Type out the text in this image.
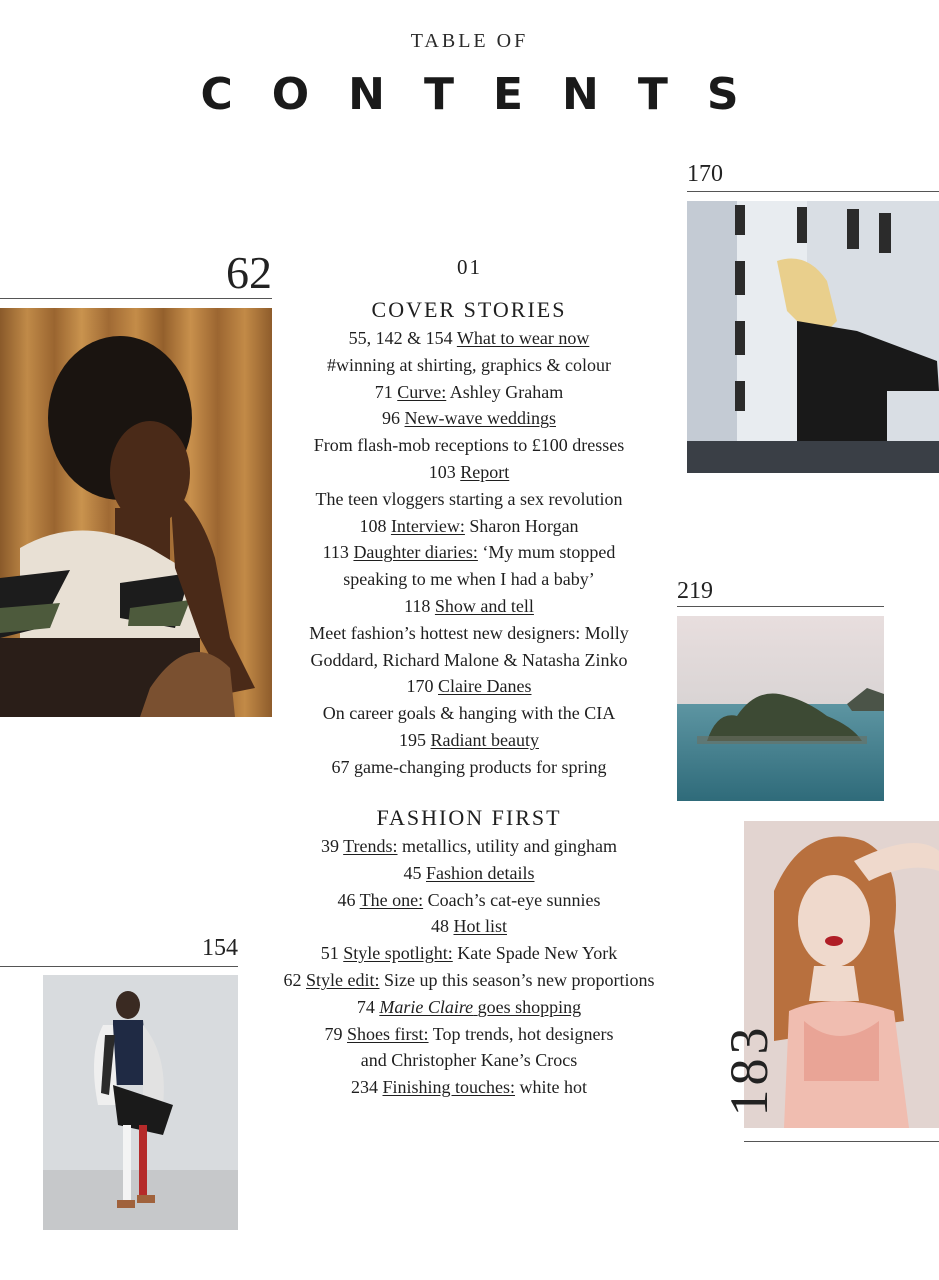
TABLE OF
CONTENTS
01

COVER STORIES

55, 142 & 154 What to wear now

#winning at shirting, graphics & colour

71 Curve: Ashley Graham

96 New-wave weddings

From flash-mob receptions to £100 dresses

103 Report

The teen vloggers starting a sex revolution

108 Interview: Sharon Horgan

113 Daughter diaries: ‘My mum stopped

speaking to me when I had a baby’

118 Show and tell

Meet fashion’s hottest new designers: Molly

Goddard, Richard Malone & Natasha Zinko

170 Claire Danes

On career goals & hanging with the CIA

195 Radiant beauty

67 game-changing products for spring

FASHION FIRST

39 Trends: metallics, utility and gingham

45 Fashion details

46 The one: Coach’s cat-eye sunnies

48 Hot list

51 Style spotlight: Kate Spade New York

62 Style edit: Size up this season’s new proportions

74 Marie Claire goes shopping

79 Shoes first: Top trends, hot designers

and Christopher Kane’s Crocs

234 Finishing touches: white hot

62
170
219
154
183
